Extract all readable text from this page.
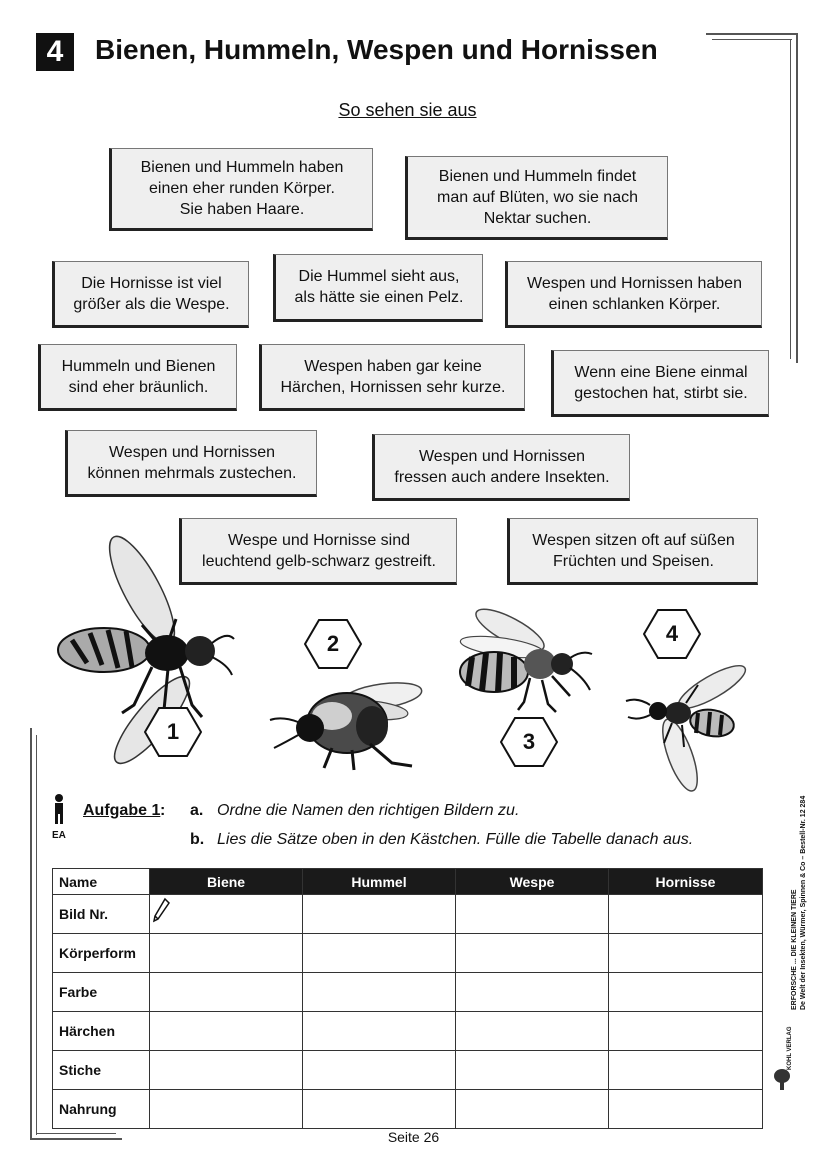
4	Bienen, Hummeln, Wespen und Hornissen
So sehen sie aus
Bienen und Hummeln haben
einen eher runden Körper.
Sie haben Haare.
Bienen und Hummeln findet
man auf Blüten, wo sie nach
Nektar suchen.
Die Hornisse ist viel
größer als die Wespe.
Die Hummel sieht aus,
als hätte sie einen Pelz.
Wespen und Hornissen haben
einen schlanken Körper.
Hummeln und Bienen
sind eher bräunlich.
Wespen haben gar keine
Härchen, Hornissen sehr kurze.
Wenn eine Biene einmal
gestochen hat, stirbt sie.
Wespen und Hornissen
können mehrmals zustechen.
Wespen und Hornissen
fressen auch andere Insekten.
Wespe und Hornisse sind
leuchtend gelb-schwarz gestreift.
Wespen sitzen oft auf süßen
Früchten und Speisen.
1
2
3
4
EA
Aufgabe 1 : a. Ordne die Namen den richtigen Bildern zu.
b. Lies die Sätze oben in den Kästchen. Fülle die Tabelle danach aus.
Name	Biene	Hummel	Wespe	Hornisse
Bild Nr.	

Körperform				
Farbe				
Härchen				
Stiche				
Nahrung				
ERFORSCHE ... DIE KLEINEN TIERE De Welt der Insekten, Würmer, Spinnen & Co – Bestell-Nr. 12 284
KOHL VERLAG
Seite 26
